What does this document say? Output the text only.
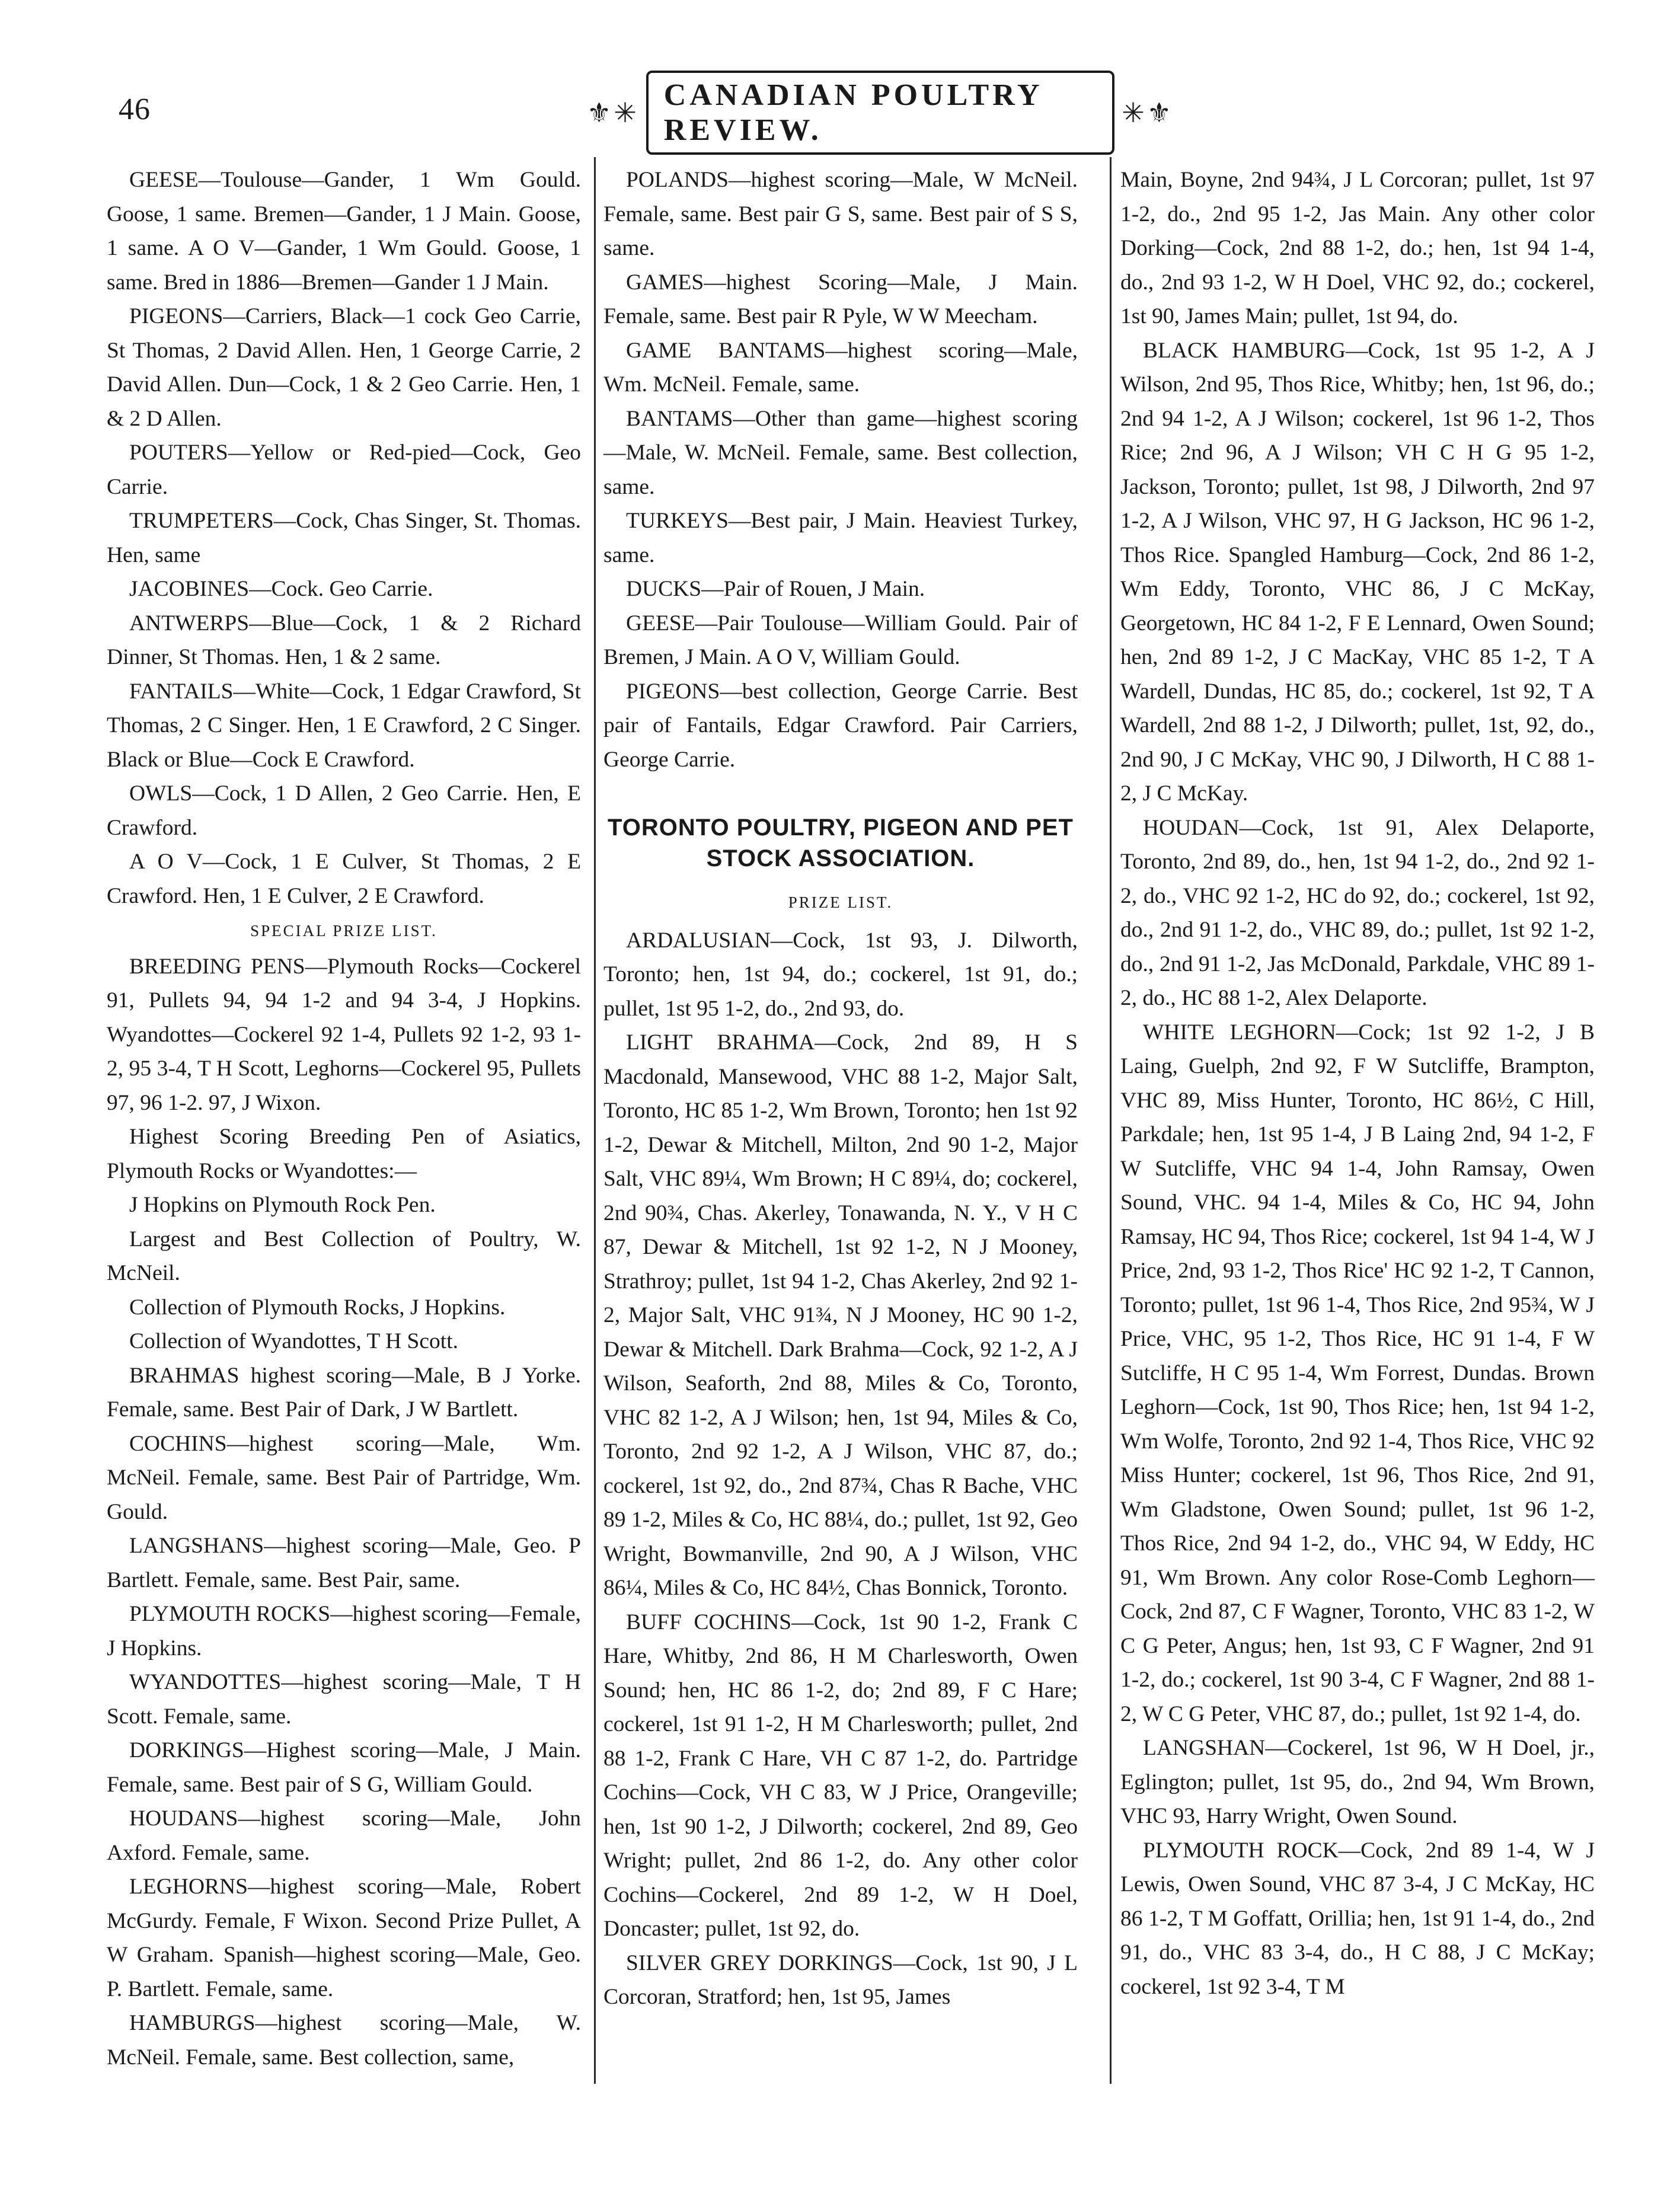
46	⚜✳
CANADIAN POULTRY REVIEW.
✳⚜

GEESE—Toulouse—Gander, 1 Wm Gould. Goose, 1 same. Bremen—Gander, 1 J Main. Goose, 1 same. A O V—Gander, 1 Wm Gould. Goose, 1 same. Bred in 1886—Bremen—Gander 1 J Main.

PIGEONS—Carriers, Black—1 cock Geo Carrie, St Thomas, 2 David Allen. Hen, 1 George Carrie, 2 David Allen. Dun—Cock, 1 & 2 Geo Carrie. Hen, 1 & 2 D Allen.

POUTERS—Yellow or Red-pied—Cock, Geo Carrie.

TRUMPETERS—Cock, Chas Singer, St. Thomas. Hen, same

JACOBINES—Cock. Geo Carrie.

ANTWERPS—Blue—Cock, 1 & 2 Richard Dinner, St Thomas. Hen, 1 & 2 same.

FANTAILS—White—Cock, 1 Edgar Crawford, St Thomas, 2 C Singer. Hen, 1 E Crawford, 2 C Singer. Black or Blue—Cock E Crawford.

OWLS—Cock, 1 D Allen, 2 Geo Carrie. Hen, E Crawford.

A O V—Cock, 1 E Culver, St Thomas, 2 E Crawford. Hen, 1 E Culver, 2 E Crawford.

SPECIAL PRIZE LIST.

BREEDING PENS—Plymouth Rocks—Cockerel 91, Pullets 94, 94 1-2 and 94 3-4, J Hopkins. Wyandottes—Cockerel 92 1-4, Pullets 92 1-2, 93 1-2, 95 3-4, T H Scott, Leghorns—Cockerel 95, Pullets 97, 96 1-2. 97, J Wixon.

Highest Scoring Breeding Pen of Asiatics, Plymouth Rocks or Wyandottes:—

J Hopkins on Plymouth Rock Pen.

Largest and Best Collection of Poultry, W. McNeil.

Collection of Plymouth Rocks, J Hopkins.

Collection of Wyandottes, T H Scott.

BRAHMAS highest scoring—Male, B J Yorke. Female, same. Best Pair of Dark, J W Bartlett.

COCHINS—highest scoring—Male, Wm. McNeil. Female, same. Best Pair of Partridge, Wm. Gould.

LANGSHANS—highest scoring—Male, Geo. P Bartlett. Female, same. Best Pair, same.

PLYMOUTH ROCKS—highest scoring—Female, J Hopkins.

WYANDOTTES—highest scoring—Male, T H Scott. Female, same.

DORKINGS—Highest scoring—Male, J Main. Female, same. Best pair of S G, William Gould.

HOUDANS—highest scoring—Male, John Axford. Female, same.

LEGHORNS—highest scoring—Male, Robert McGurdy. Female, F Wixon. Second Prize Pullet, A W Graham. Spanish—highest scoring—Male, Geo. P. Bartlett. Female, same.

HAMBURGS—highest scoring—Male, W. McNeil. Female, same. Best collection, same,

POLANDS—highest scoring—Male, W McNeil. Female, same. Best pair G S, same. Best pair of S S, same.

GAMES—highest Scoring—Male, J Main. Female, same. Best pair R Pyle, W W Meecham.

GAME BANTAMS—highest scoring—Male, Wm. McNeil. Female, same.

BANTAMS—Other than game—highest scoring—Male, W. McNeil. Female, same. Best collection, same.

TURKEYS—Best pair, J Main. Heaviest Turkey, same.

DUCKS—Pair of Rouen, J Main.

GEESE—Pair Toulouse—William Gould. Pair of Bremen, J Main. A O V, William Gould.

PIGEONS—best collection, George Carrie. Best pair of Fantails, Edgar Crawford. Pair Carriers, George Carrie.

TORONTO POULTRY, PIGEON AND PET STOCK ASSOCIATION.
PRIZE LIST.

ARDALUSIAN—Cock, 1st 93, J. Dilworth, Toronto; hen, 1st 94, do.; cockerel, 1st 91, do.; pullet, 1st 95 1-2, do., 2nd 93, do.

LIGHT BRAHMA—Cock, 2nd 89, H S Macdonald, Mansewood, VHC 88 1-2, Major Salt, Toronto, HC 85 1-2, Wm Brown, Toronto; hen 1st 92 1-2, Dewar & Mitchell, Milton, 2nd 90 1-2, Major Salt, VHC 89¼, Wm Brown; H C 89¼, do; cockerel, 2nd 90¾, Chas. Akerley, Tonawanda, N. Y., V H C 87, Dewar & Mitchell, 1st 92 1-2, N J Mooney, Strathroy; pullet, 1st 94 1-2, Chas Akerley, 2nd 92 1-2, Major Salt, VHC 91¾, N J Mooney, HC 90 1-2, Dewar & Mitchell. Dark Brahma—Cock, 92 1-2, A J Wilson, Seaforth, 2nd 88, Miles & Co, Toronto, VHC 82 1-2, A J Wilson; hen, 1st 94, Miles & Co, Toronto, 2nd 92 1-2, A J Wilson, VHC 87, do.; cockerel, 1st 92, do., 2nd 87¾, Chas R Bache, VHC 89 1-2, Miles & Co, HC 88¼, do.; pullet, 1st 92, Geo Wright, Bowmanville, 2nd 90, A J Wilson, VHC 86¼, Miles & Co, HC 84½, Chas Bonnick, Toronto.

BUFF COCHINS—Cock, 1st 90 1-2, Frank C Hare, Whitby, 2nd 86, H M Charlesworth, Owen Sound; hen, HC 86 1-2, do; 2nd 89, F C Hare; cockerel, 1st 91 1-2, H M Charlesworth; pullet, 2nd 88 1-2, Frank C Hare, VH C 87 1-2, do. Partridge Cochins—Cock, VH C 83, W J Price, Orangeville; hen, 1st 90 1-2, J Dilworth; cockerel, 2nd 89, Geo Wright; pullet, 2nd 86 1-2, do. Any other color Cochins—Cockerel, 2nd 89 1-2, W H Doel, Doncaster; pullet, 1st 92, do.

SILVER GREY DORKINGS—Cock, 1st 90, J L Corcoran, Stratford; hen, 1st 95, James

Main, Boyne, 2nd 94¾, J L Corcoran; pullet, 1st 97 1-2, do., 2nd 95 1-2, Jas Main. Any other color Dorking—Cock, 2nd 88 1-2, do.; hen, 1st 94 1-4, do., 2nd 93 1-2, W H Doel, VHC 92, do.; cockerel, 1st 90, James Main; pullet, 1st 94, do.

BLACK HAMBURG—Cock, 1st 95 1-2, A J Wilson, 2nd 95, Thos Rice, Whitby; hen, 1st 96, do.; 2nd 94 1-2, A J Wilson; cockerel, 1st 96 1-2, Thos Rice; 2nd 96, A J Wilson; VH C H G 95 1-2, Jackson, Toronto; pullet, 1st 98, J Dilworth, 2nd 97 1-2, A J Wilson, VHC 97, H G Jackson, HC 96 1-2, Thos Rice. Spangled Hamburg—Cock, 2nd 86 1-2, Wm Eddy, Toronto, VHC 86, J C McKay, Georgetown, HC 84 1-2, F E Lennard, Owen Sound; hen, 2nd 89 1-2, J C MacKay, VHC 85 1-2, T A Wardell, Dundas, HC 85, do.; cockerel, 1st 92, T A Wardell, 2nd 88 1-2, J Dilworth; pullet, 1st, 92, do., 2nd 90, J C McKay, VHC 90, J Dilworth, H C 88 1-2, J C McKay.

HOUDAN—Cock, 1st 91, Alex Delaporte, Toronto, 2nd 89, do., hen, 1st 94 1-2, do., 2nd 92 1-2, do., VHC 92 1-2, HC do 92, do.; cockerel, 1st 92, do., 2nd 91 1-2, do., VHC 89, do.; pullet, 1st 92 1-2, do., 2nd 91 1-2, Jas McDonald, Parkdale, VHC 89 1-2, do., HC 88 1-2, Alex Delaporte.

WHITE LEGHORN—Cock; 1st 92 1-2, J B Laing, Guelph, 2nd 92, F W Sutcliffe, Brampton, VHC 89, Miss Hunter, Toronto, HC 86½, C Hill, Parkdale; hen, 1st 95 1-4, J B Laing 2nd, 94 1-2, F W Sutcliffe, VHC 94 1-4, John Ramsay, Owen Sound, VHC. 94 1-4, Miles & Co, HC 94, John Ramsay, HC 94, Thos Rice; cockerel, 1st 94 1-4, W J Price, 2nd, 93 1-2, Thos Rice' HC 92 1-2, T Cannon, Toronto; pullet, 1st 96 1-4, Thos Rice, 2nd 95¾, W J Price, VHC, 95 1-2, Thos Rice, HC 91 1-4, F W Sutcliffe, H C 95 1-4, Wm Forrest, Dundas. Brown Leghorn—Cock, 1st 90, Thos Rice; hen, 1st 94 1-2, Wm Wolfe, Toronto, 2nd 92 1-4, Thos Rice, VHC 92 Miss Hunter; cockerel, 1st 96, Thos Rice, 2nd 91, Wm Gladstone, Owen Sound; pullet, 1st 96 1-2, Thos Rice, 2nd 94 1-2, do., VHC 94, W Eddy, HC 91, Wm Brown. Any color Rose-Comb Leghorn—Cock, 2nd 87, C F Wagner, Toronto, VHC 83 1-2, W C G Peter, Angus; hen, 1st 93, C F Wagner, 2nd 91 1-2, do.; cockerel, 1st 90 3-4, C F Wagner, 2nd 88 1-2, W C G Peter, VHC 87, do.; pullet, 1st 92 1-4, do.

LANGSHAN—Cockerel, 1st 96, W H Doel, jr., Eglington; pullet, 1st 95, do., 2nd 94, Wm Brown, VHC 93, Harry Wright, Owen Sound.

PLYMOUTH ROCK—Cock, 2nd 89 1-4, W J Lewis, Owen Sound, VHC 87 3-4, J C McKay, HC 86 1-2, T M Goffatt, Orillia; hen, 1st 91 1-4, do., 2nd 91, do., VHC 83 3-4, do., H C 88, J C McKay; cockerel, 1st 92 3-4, T M
